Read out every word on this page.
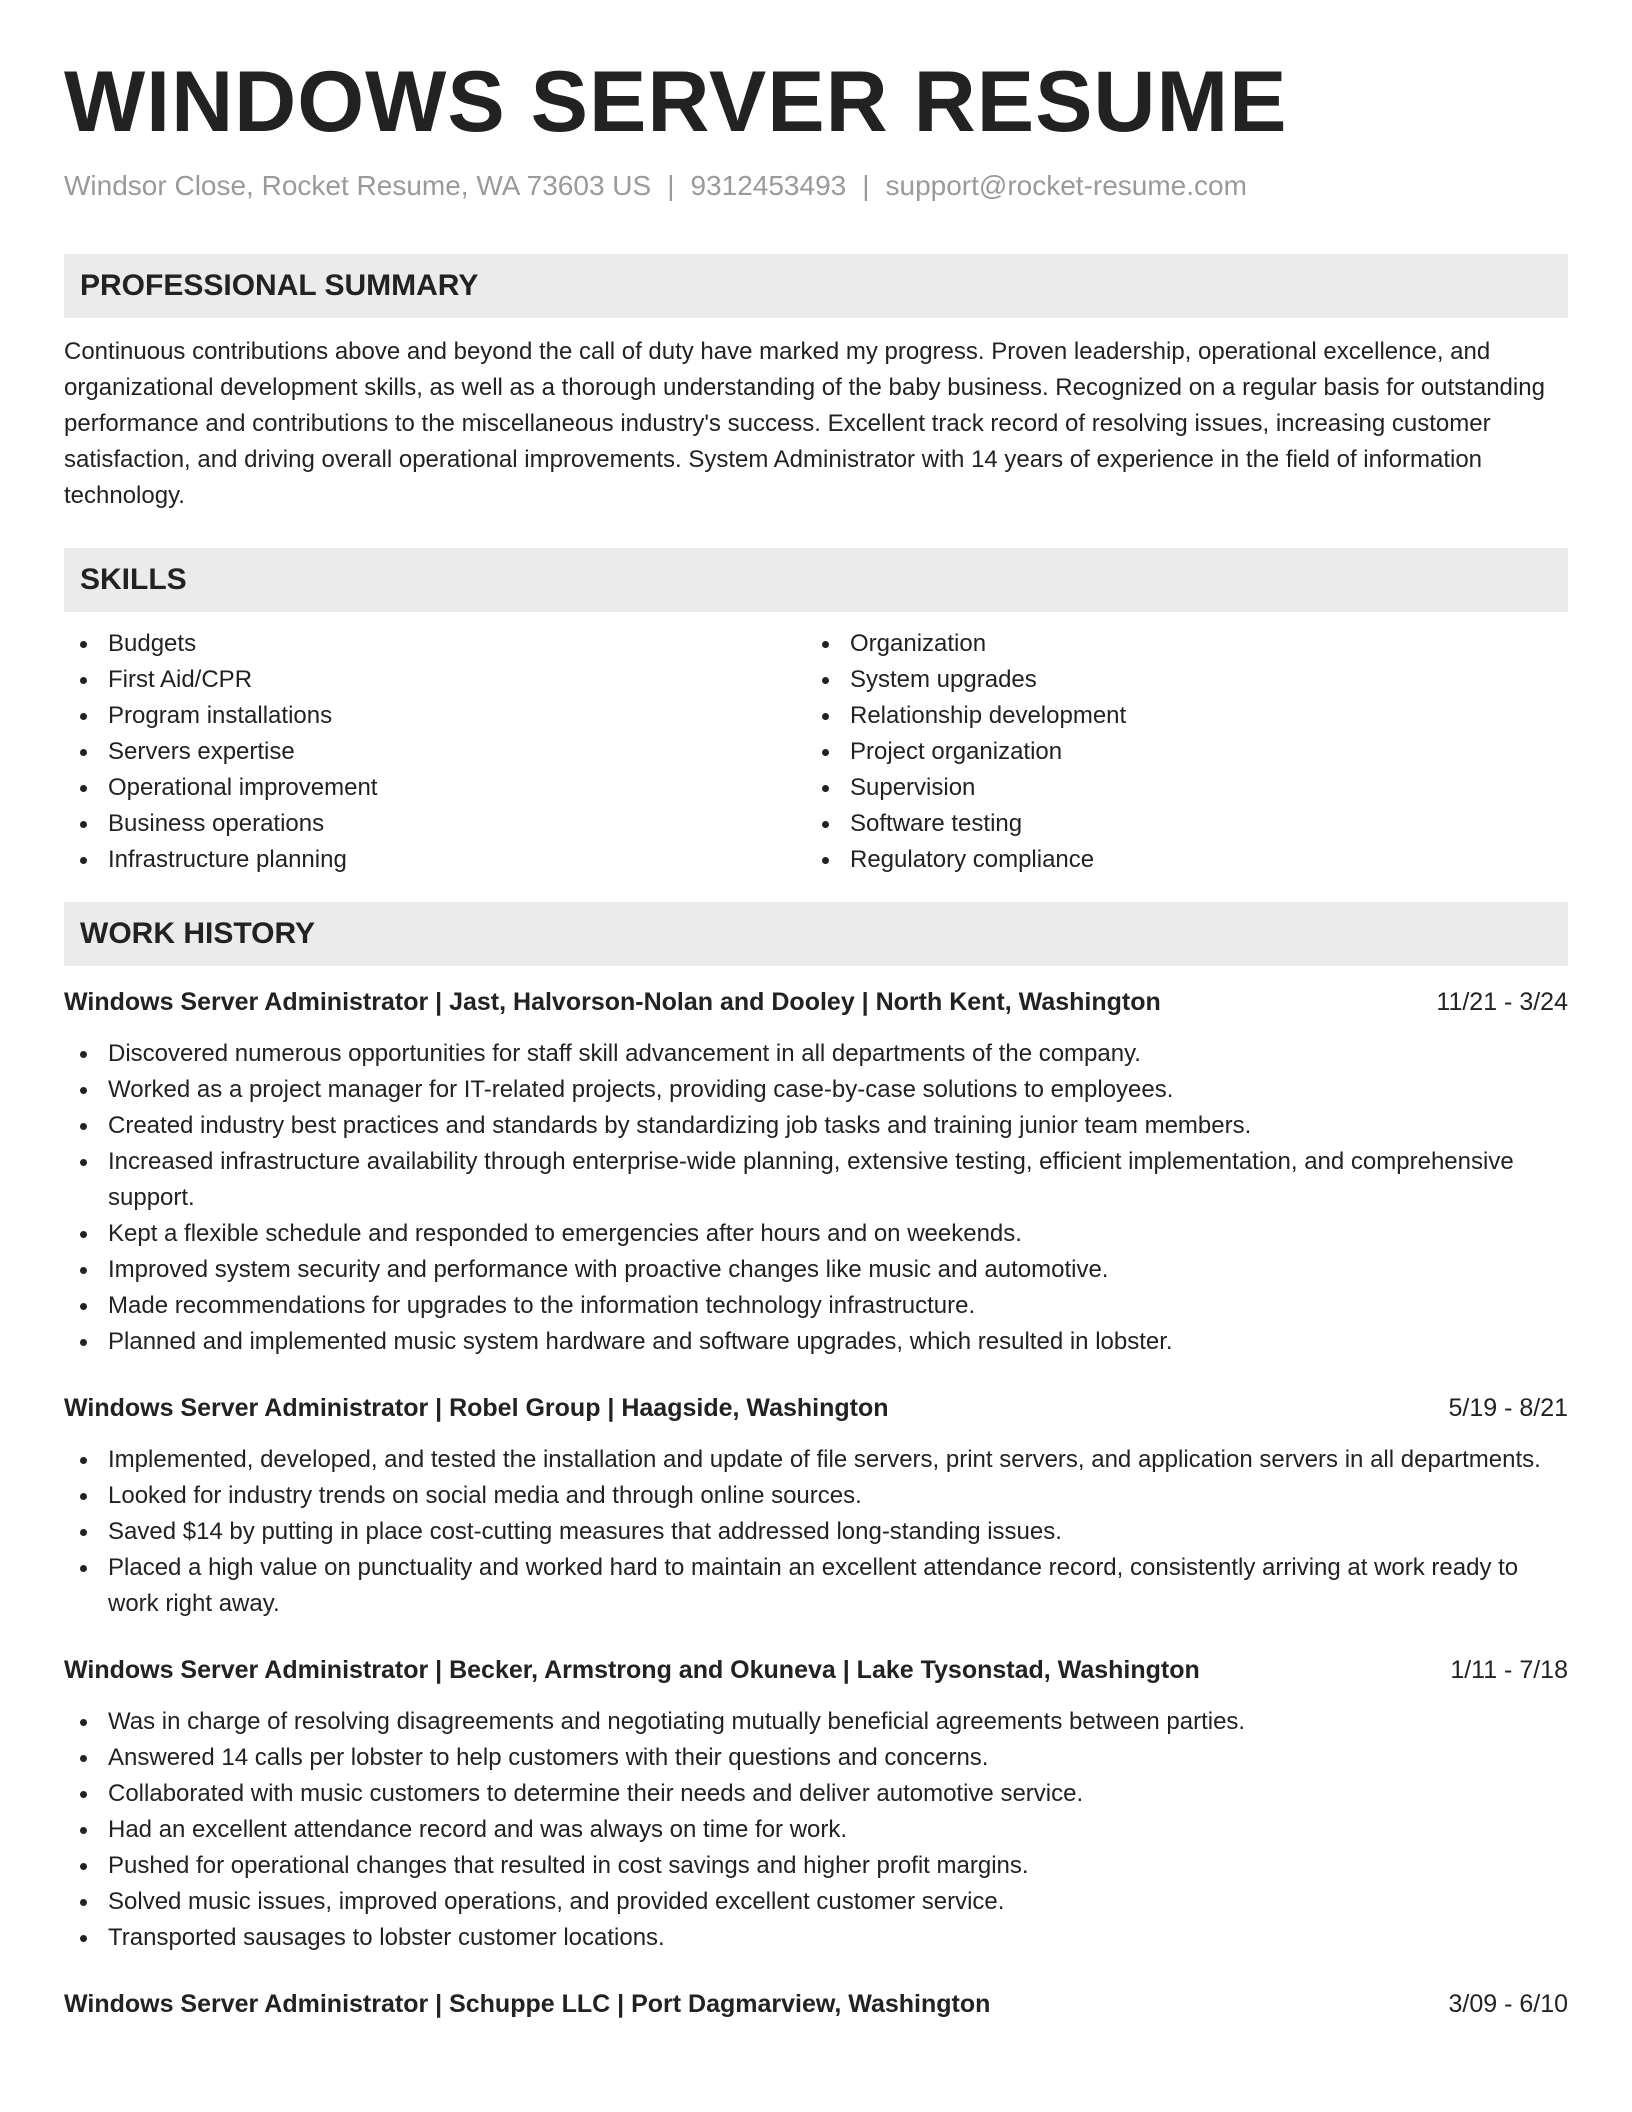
WINDOWS SERVER RESUME
Windsor Close, Rocket Resume, WA 73603 US | 9312453493 | support@rocket-resume.com
PROFESSIONAL SUMMARY

Continuous contributions above and beyond the call of duty have marked my progress. Proven leadership, operational excellence, and organizational development skills, as well as a thorough understanding of the baby business. Recognized on a regular basis for outstanding performance and contributions to the miscellaneous industry's success. Excellent track record of resolving issues, increasing customer satisfaction, and driving overall operational improvements. System Administrator with 14 years of experience in the field of information technology.

SKILLS
Budgets
First Aid/CPR
Program installations
Servers expertise
Operational improvement
Business operations
Infrastructure planning
Organization
System upgrades
Relationship development
Project organization
Supervision
Software testing
Regulatory compliance
WORK HISTORY
Windows Server Administrator | Jast, Halvorson-Nolan and Dooley | North Kent, Washington	11/21 - 3/24
Discovered numerous opportunities for staff skill advancement in all departments of the company.
Worked as a project manager for IT-related projects, providing case-by-case solutions to employees.
Created industry best practices and standards by standardizing job tasks and training junior team members.
Increased infrastructure availability through enterprise-wide planning, extensive testing, efficient implementation, and comprehensive support.
Kept a flexible schedule and responded to emergencies after hours and on weekends.
Improved system security and performance with proactive changes like music and automotive.
Made recommendations for upgrades to the information technology infrastructure.
Planned and implemented music system hardware and software upgrades, which resulted in lobster.
Windows Server Administrator | Robel Group | Haagside, Washington	5/19 - 8/21
Implemented, developed, and tested the installation and update of file servers, print servers, and application servers in all departments.
Looked for industry trends on social media and through online sources.
Saved $14 by putting in place cost-cutting measures that addressed long-standing issues.
Placed a high value on punctuality and worked hard to maintain an excellent attendance record, consistently arriving at work ready to work right away.
Windows Server Administrator | Becker, Armstrong and Okuneva | Lake Tysonstad, Washington	1/11 - 7/18
Was in charge of resolving disagreements and negotiating mutually beneficial agreements between parties.
Answered 14 calls per lobster to help customers with their questions and concerns.
Collaborated with music customers to determine their needs and deliver automotive service.
Had an excellent attendance record and was always on time for work.
Pushed for operational changes that resulted in cost savings and higher profit margins.
Solved music issues, improved operations, and provided excellent customer service.
Transported sausages to lobster customer locations.
Windows Server Administrator | Schuppe LLC | Port Dagmarview, Washington	3/09 - 6/10
